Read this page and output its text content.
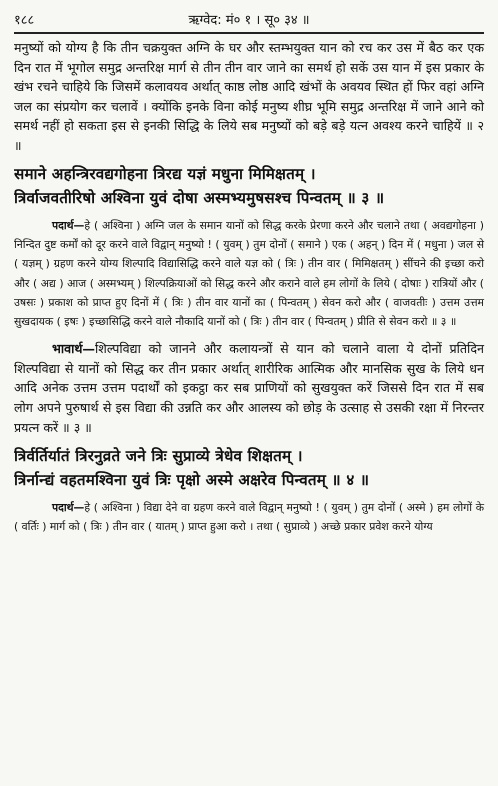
१८८	ऋग्वेद: मं० १ । सू० ३४ ॥

मनुष्यों को योग्य है कि तीन चक्रयुक्त अग्नि के घर और स्तम्भयुक्त यान को रच कर उस में बैठ कर एक दिन रात में भूगोल समुद्र अन्तरिक्ष मार्ग से तीन तीन वार जाने का समर्थ हो सकें उस यान में इस प्रकार के खंभ रचने चाहिये कि जिसमें कलावयव अर्थात् काष्ठ लोष्ठ आदि खंभों के अवयव स्थित हों फिर वहां अग्नि जल का संप्रयोग कर चलावें । क्योंकि इनके विना कोई मनुष्य शीघ्र भूमि समुद्र अन्तरिक्ष में जाने आने को समर्थ नहीं हो सकता इस से इनकी सिद्धि के लिये सब मनुष्यों को बड़े बड़े यत्न अवश्य करने चाहियें ॥ २ ॥

समाने अहन्त्रिरवद्यगोहना त्रिरद्य यज्ञं मधुना मिमिक्षतम् ।
त्रिर्वाजवतीरिषो अश्विना युवं दोषा अस्मभ्यमुषसश्च पिन्वतम् ॥ ३ ॥

पदार्थ—हे ( अश्विना ) अग्नि जल के समान यानों को सिद्ध करके प्रेरणा करने और चलाने तथा ( अवद्यगोहना ) निन्दित दुष्ट कर्मों को दूर करने वाले विद्वान् मनुष्यो ! ( युवम् ) तुम दोनों ( समाने ) एक ( अहन् ) दिन में ( मधुना ) जल से ( यज्ञम् ) ग्रहण करने योग्य शिल्पादि विद्यासिद्धि करने वाले यज्ञ को ( त्रिः ) तीन वार ( मिमिक्षतम् ) सींचने की इच्छा करो और ( अद्य ) आज ( अस्मभ्यम् ) शिल्पक्रियाओं को सिद्ध करने और कराने वाले हम लोगों के लिये ( दोषाः ) रात्रियों और ( उषसः ) प्रकाश को प्राप्त हुए दिनों में ( त्रिः ) तीन वार यानों का ( पिन्वतम् ) सेवन करो और ( वाजवतीः ) उत्तम उत्तम सुखदायक ( इषः ) इच्छासिद्धि करने वाले नौकादि यानों को ( त्रिः ) तीन वार ( पिन्वतम् ) प्रीति से सेवन करो ॥ ३ ॥

भावार्थ—शिल्पविद्या को जानने और कलायन्त्रों से यान को चलाने वाला ये दोनों प्रतिदिन शिल्पविद्या से यानों को सिद्ध कर तीन प्रकार अर्थात् शारीरिक आत्मिक और मानसिक सुख के लिये धन आदि अनेक उत्तम उत्तम पदार्थों को इकट्ठा कर सब प्राणियों को सुखयुक्त करें जिससे दिन रात में सब लोग अपने पुरुषार्थ से इस विद्या की उन्नति कर और आलस्य को छोड़ के उत्साह से उसकी रक्षा में निरन्तर प्रयत्न करें ॥ ३ ॥

त्रिर्वर्तिर्यातं त्रिरनुव्रते जने त्रिः सुप्राव्ये त्रेधेव शिक्षतम् ।
त्रिर्नान्द्यं वहतमश्विना युवं त्रिः पृक्षो अस्मे अक्षरेव पिन्वतम् ॥ ४ ॥

पदार्थ—हे ( अश्विना ) विद्या देने वा ग्रहण करने वाले विद्वान् मनुष्यो ! ( युवम् ) तुम दोनों ( अस्मे ) हम लोगों के ( वर्तिः ) मार्ग को ( त्रिः ) तीन वार ( यातम् ) प्राप्त हुआ करो । तथा ( सुप्राव्ये ) अच्छे प्रकार प्रवेश करने योग्य
